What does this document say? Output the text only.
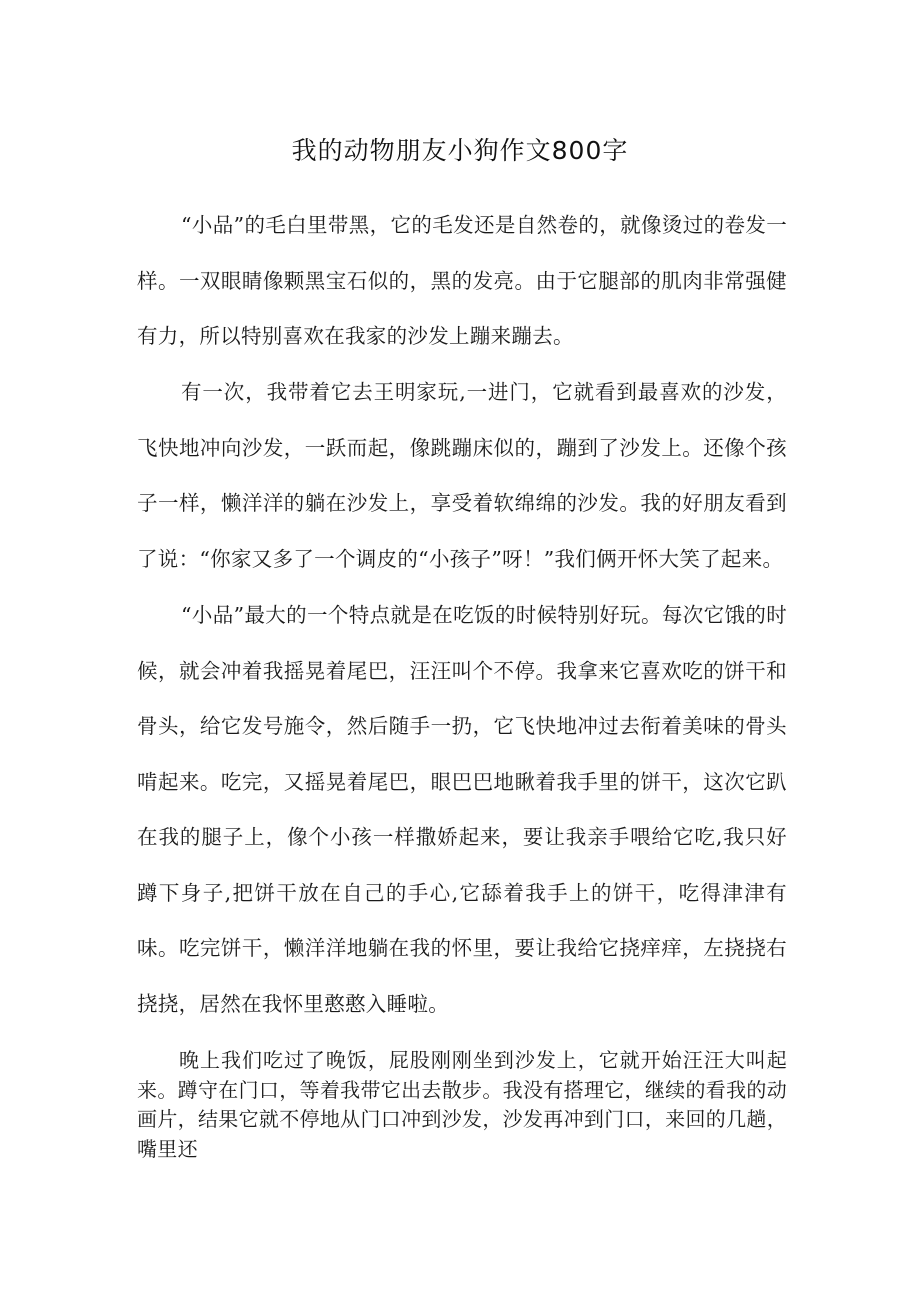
我的动物朋友小狗作文800字

“小品”的毛白里带黑，它的毛发还是自然卷的，就像烫过的卷发一样。一双眼睛像颗黑宝石似的，黑的发亮。由于它腿部的肌肉非常强健有力，所以特别喜欢在我家的沙发上蹦来蹦去。

有一次，我带着它去王明家玩,一进门，它就看到最喜欢的沙发，飞快地冲向沙发，一跃而起，像跳蹦床似的，蹦到了沙发上。还像个孩子一样，懒洋洋的躺在沙发上，享受着软绵绵的沙发。我的好朋友看到了说：“你家又多了一个调皮的“小孩子”呀！”我们俩开怀大笑了起来。

“小品”最大的一个特点就是在吃饭的时候特别好玩。每次它饿的时候，就会冲着我摇晃着尾巴，汪汪叫个不停。我拿来它喜欢吃的饼干和骨头，给它发号施令，然后随手一扔，它飞快地冲过去衔着美味的骨头啃起来。吃完，又摇晃着尾巴，眼巴巴地瞅着我手里的饼干，这次它趴在我的腿子上，像个小孩一样撒娇起来，要让我亲手喂给它吃,我只好蹲下身子,把饼干放在自己的手心,它舔着我手上的饼干，吃得津津有味。吃完饼干，懒洋洋地躺在我的怀里，要让我给它挠痒痒，左挠挠右挠挠，居然在我怀里憨憨入睡啦。

晚上我们吃过了晚饭，屁股刚刚坐到沙发上，它就开始汪汪大叫起来。蹲守在门口，等着我带它出去散步。我没有搭理它，继续的看我的动画片，结果它就不停地从门口冲到沙发，沙发再冲到门口，来回的几趟，嘴里还
